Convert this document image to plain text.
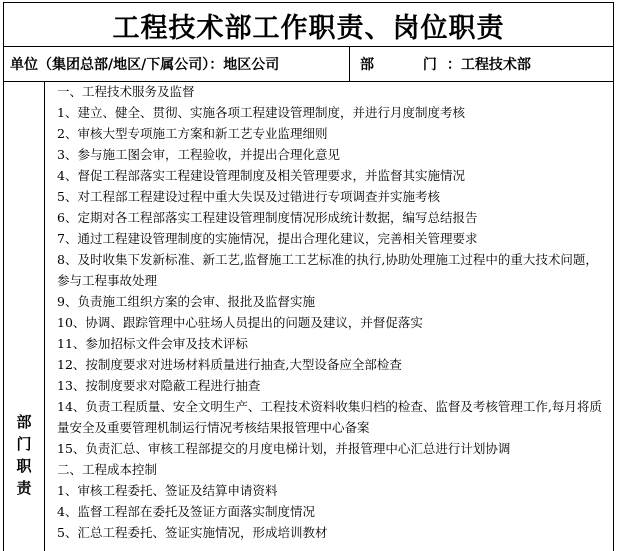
工程技术部工作职责、岗位职责
单位（集团总部/地区/下属公司）：地区公司	部　 门 ：工程技术部
部
门
职
责
一、工程技术服务及监督
1、建立、健全、贯彻、实施各项工程建设管理制度，并进行月度制度考核
2、审核大型专项施工方案和新工艺专业监理细则
3、参与施工图会审，工程验收，并提出合理化意见
4、督促工程部落实工程建设管理制度及相关管理要求，并监督其实施情况
5、对工程部工程建设过程中重大失误及过错进行专项调查并实施考核
6、定期对各工程部落实工程建设管理制度情况形成统计数据，编写总结报告
7、通过工程建设管理制度的实施情况，提出合理化建议，完善相关管理要求
8、及时收集下发新标准、新工艺,监督施工工艺标准的执行,协助处理施工过程中的重大技术问题，参与工程事故处理
9、负责施工组织方案的会审、报批及监督实施
10、协调、跟踪管理中心驻场人员提出的问题及建议，并督促落实
11、参加招标文件会审及技术评标
12、按制度要求对进场材料质量进行抽查,大型设备应全部检查
13、按制度要求对隐蔽工程进行抽查
14、负责工程质量、安全文明生产、工程技术资料收集归档的检查、监督及考核管理工作,每月将质量安全及重要管理机制运行情况考核结果报管理中心备案
15、负责汇总、审核工程部提交的月度电梯计划，并报管理中心汇总进行计划协调
二、工程成本控制
1、审核工程委托、签证及结算申请资料
4、监督工程部在委托及签证方面落实制度情况
5、汇总工程委托、签证实施情况，形成培训教材
